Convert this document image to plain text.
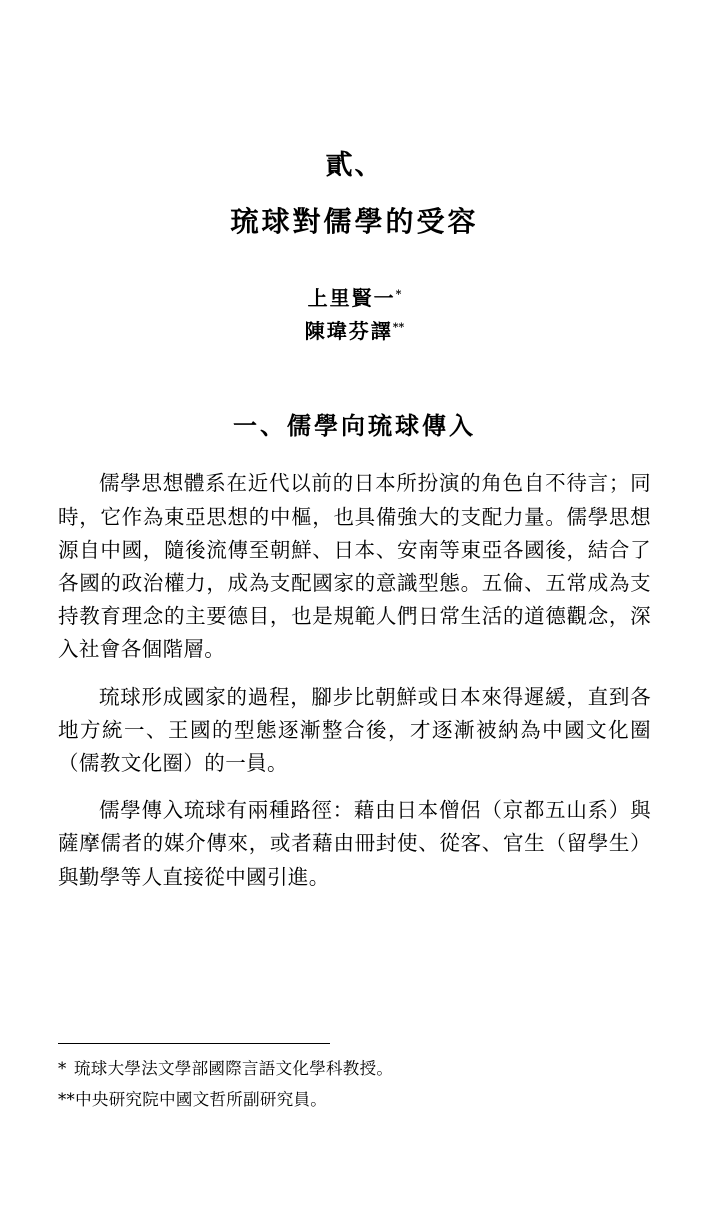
貳、
琉球對儒學的受容
上里賢一*
陳瑋芬譯**
一、儒學向琉球傳入

儒學思想體系在近代以前的日本所扮演的角色自不待言；同時，它作為東亞思想的中樞，也具備強大的支配力量。儒學思想源自中國，隨後流傳至朝鮮、日本、安南等東亞各國後，結合了各國的政治權力，成為支配國家的意識型態。五倫、五常成為支持教育理念的主要德目，也是規範人們日常生活的道德觀念，深入社會各個階層。

琉球形成國家的過程，腳步比朝鮮或日本來得遲緩，直到各地方統一、王國的型態逐漸整合後，才逐漸被納為中國文化圈（儒教文化圈）的一員。

儒學傳入琉球有兩種路徑：藉由日本僧侶（京都五山系）與薩摩儒者的媒介傳來，或者藉由冊封使、從客、官生（留學生）與勤學等人直接從中國引進。

* 琉球大學法文學部國際言語文化學科教授。
**中央研究院中國文哲所副研究員。
